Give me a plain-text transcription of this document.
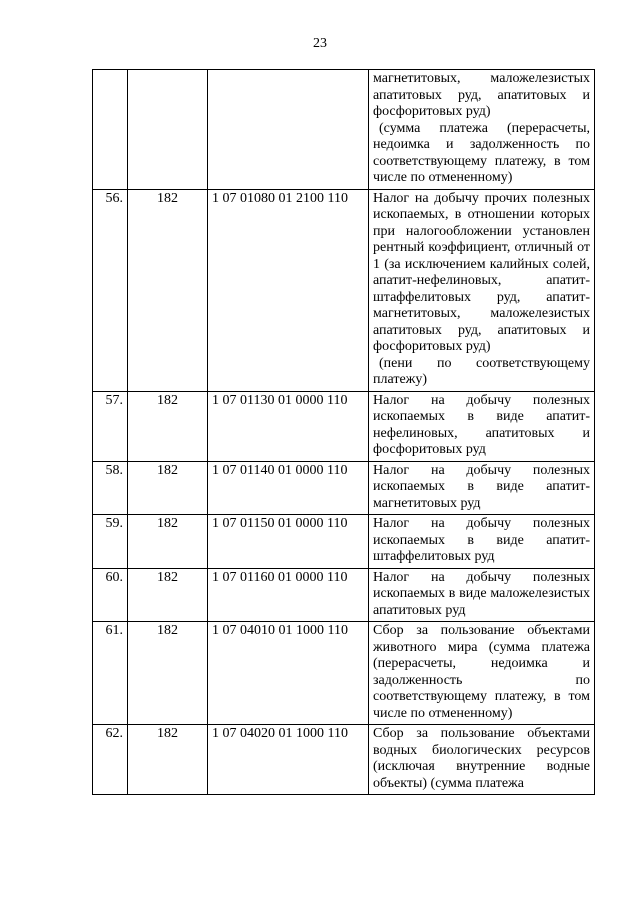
23

			магнетитовых, маложелезистых апатитовых руд, апатитовых и фосфоритовых руд)
(сумма платежа (перерасчеты, недоимка и задолженность по соответствующему платежу, в том числе по отмененному)

56.	182	1 07 01080 01 2100 110	Налог на добычу прочих полезных ископаемых, в отношении которых при налогообложении установлен рентный коэффициент, отличный от 1 (за исключением калийных солей, апатит-нефелиновых, апатит-штаффелитовых руд, апатит-магнетитовых, маложелезистых апатитовых руд, апатитовых и фосфоритовых руд)
(пени по соответствующему платежу)

57.	182	1 07 01130 01 0000 110	Налог на добычу полезных ископаемых в виде апатит-нефелиновых, апатитовых и фосфоритовых руд

58.	182	1 07 01140 01 0000 110	Налог на добычу полезных ископаемых в виде апатит-магнетитовых руд

59.	182	1 07 01150 01 0000 110	Налог на добычу полезных ископаемых в виде апатит-штаффелитовых руд

60.	182	1 07 01160 01 0000 110	Налог на добычу полезных ископаемых в виде маложелезистых апатитовых руд

61.	182	1 07 04010 01 1000 110	Сбор за пользование объектами животного мира (сумма платежа (перерасчеты, недоимка и задолженность по соответствующему платежу, в том числе по отмененному)

62.	182	1 07 04020 01 1000 110	Сбор за пользование объектами водных биологических ресурсов (исключая внутренние водные объекты) (сумма платежа
